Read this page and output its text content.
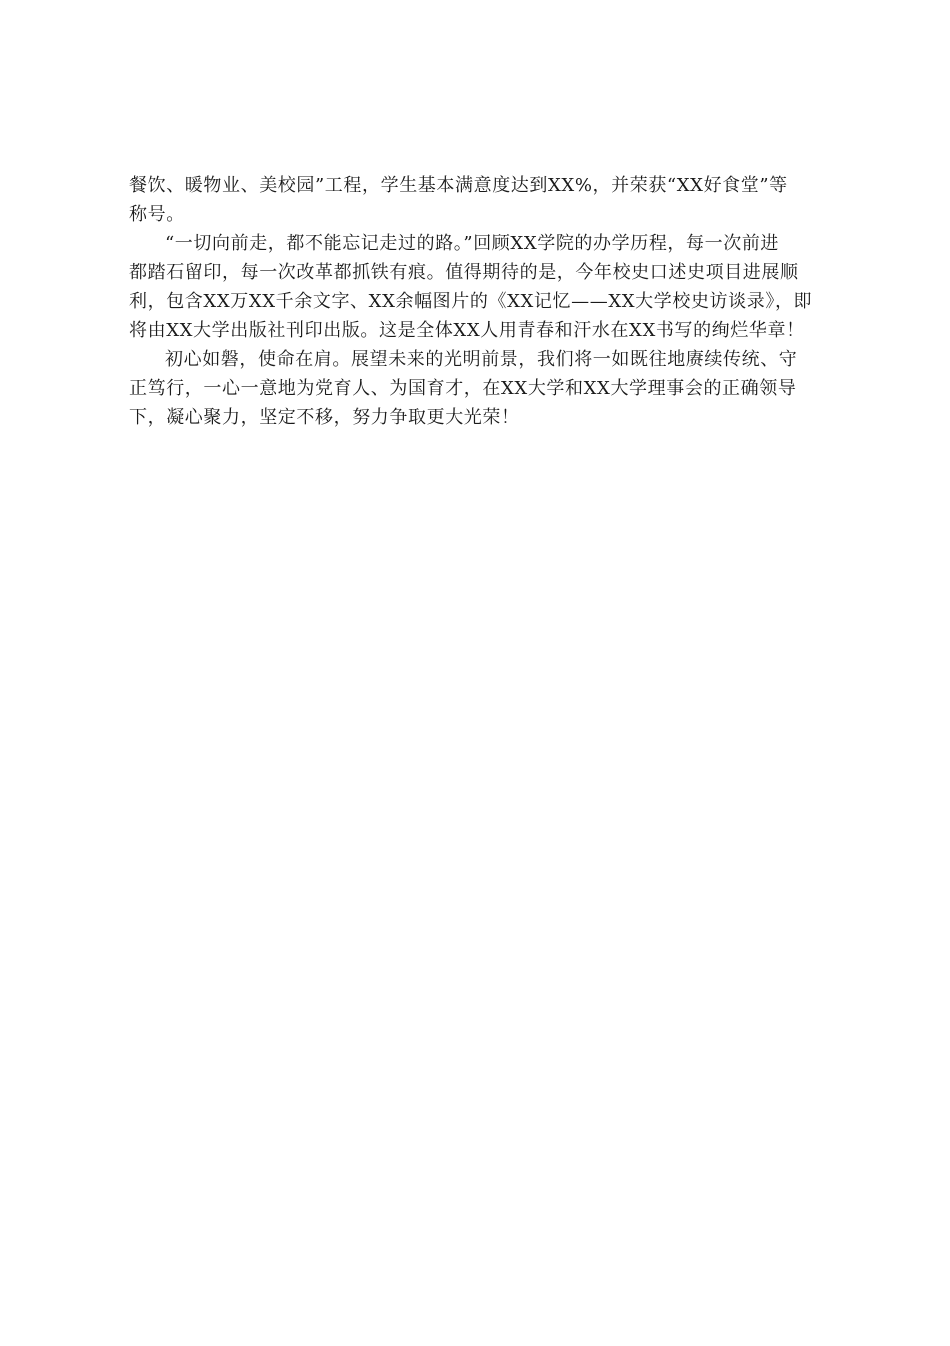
餐饮、暖物业、美校园”工程，学生基本满意度达到XX%，并荣获“XX好食堂”等
称号。

“一切向前走，都不能忘记走过的路。”回顾XX学院的办学历程，每一次前进
都踏石留印，每一次改革都抓铁有痕。值得期待的是，今年校史口述史项目进展顺
利，包含XX万XX千余文字、XX余幅图片的《XX记忆——XX大学校史访谈录》，即
将由XX大学出版社刊印出版。这是全体XX人用青春和汗水在XX书写的绚烂华章！

初心如磐，使命在肩。展望未来的光明前景，我们将一如既往地赓续传统、守
正笃行，一心一意地为党育人、为国育才，在XX大学和XX大学理事会的正确领导
下，凝心聚力，坚定不移，努力争取更大光荣！
